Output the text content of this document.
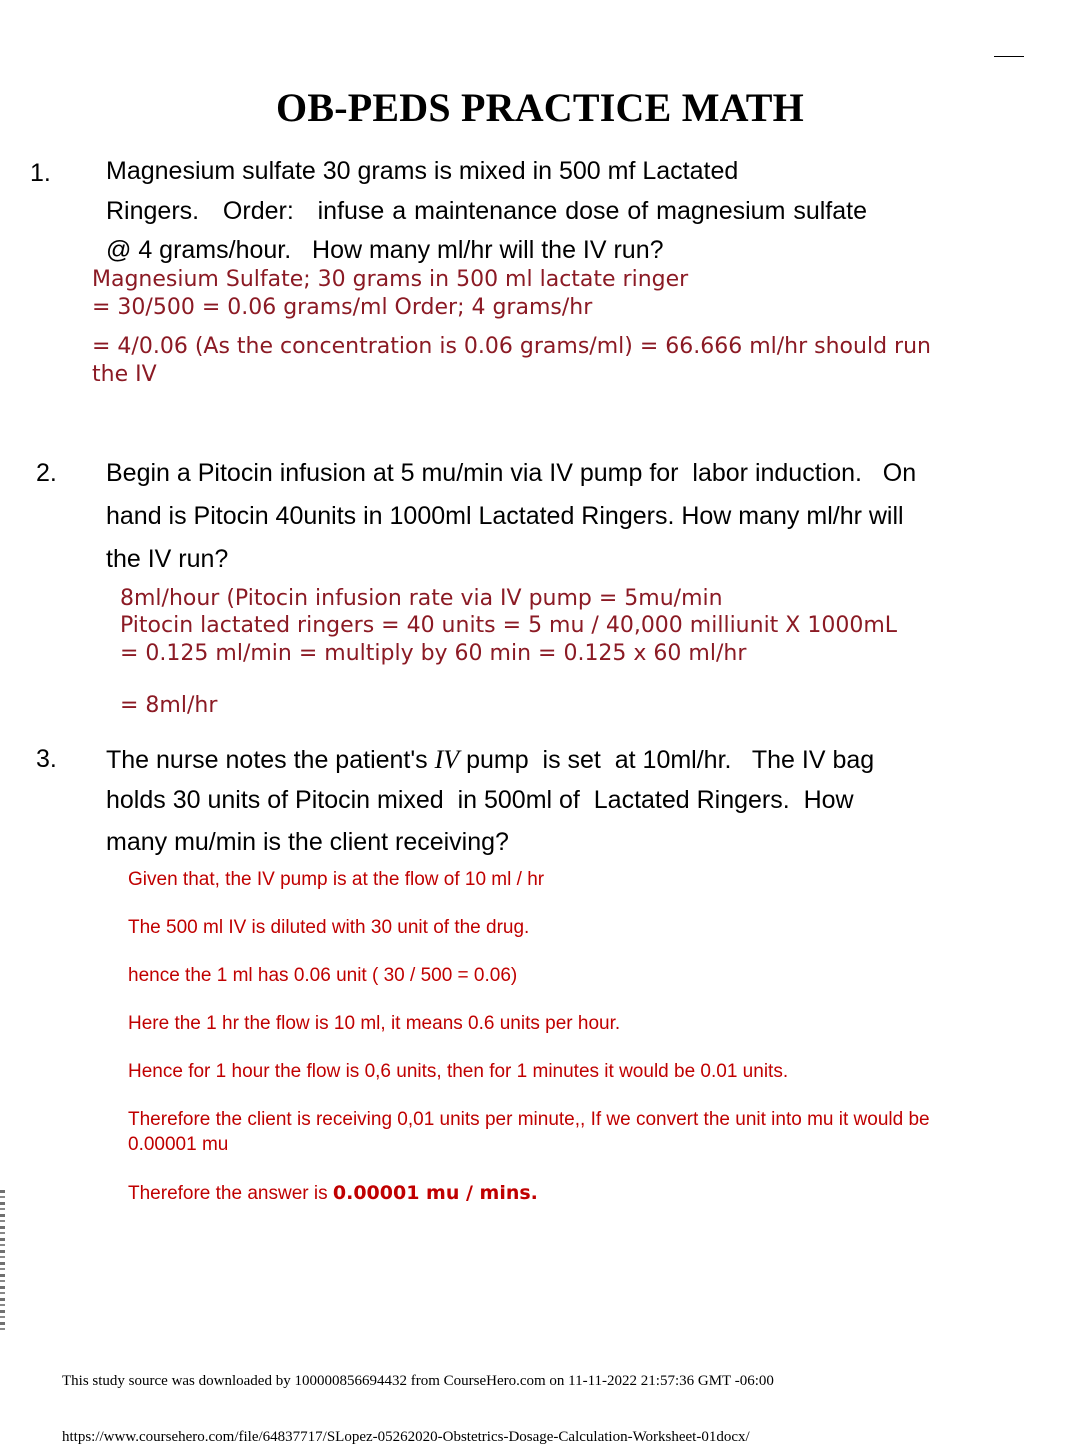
OB-PEDS PRACTICE MATH
1. Magnesium sulfate 30 grams is mixed in 500 mf Lactated
Ringers.   Order:   infuse a maintenance dose of magnesium sulfate
@ 4 grams/hour.   How many ml/hr will the IV run?
Magnesium Sulfate; 30 grams in 500 ml lactate ringer
= 30/500 = 0.06 grams/ml Order; 4 grams/hr
= 4/0.06 (As the concentration is 0.06 grams/ml) = 66.666 ml/hr should run
the IV
2. Begin a Pitocin infusion at 5 mu/min via IV pump for  labor induction.   On
hand is Pitocin 40units in 1000ml Lactated Ringers. How many ml/hr will
the IV run?
8ml/hour (Pitocin infusion rate via IV pump = 5mu/min
Pitocin lactated ringers = 40 units = 5 mu / 40,000 milliunit X 1000mL
= 0.125 ml/min = multiply by 60 min = 0.125 x 60 ml/hr
= 8ml/hr
3. The nurse notes the patient's IV pump  is set  at 10ml/hr.   The IV bag
holds 30 units of Pitocin mixed  in 500ml of  Lactated Ringers.  How
many mu/min is the client receiving?
Given that, the IV pump is at the flow of 10 ml / hr
The 500 ml IV is diluted with 30 unit of the drug.
hence the 1 ml has 0.06 unit ( 30 / 500 = 0.06)
Here the 1 hr the flow is 10 ml, it means 0.6 units per hour.
Hence for 1 hour the flow is 0,6 units, then for 1 minutes it would be 0.01 units.
Therefore the client is receiving 0,01 units per minute,, If we convert the unit into mu it would be
0.00001 mu
Therefore the answer is 0.00001 mu / mins.
This study source was downloaded by 100000856694432 from CourseHero.com on 11-11-2022 21:57:36 GMT -06:00
https://www.coursehero.com/file/64837717/SLopez-05262020-Obstetrics-Dosage-Calculation-Worksheet-01docx/
